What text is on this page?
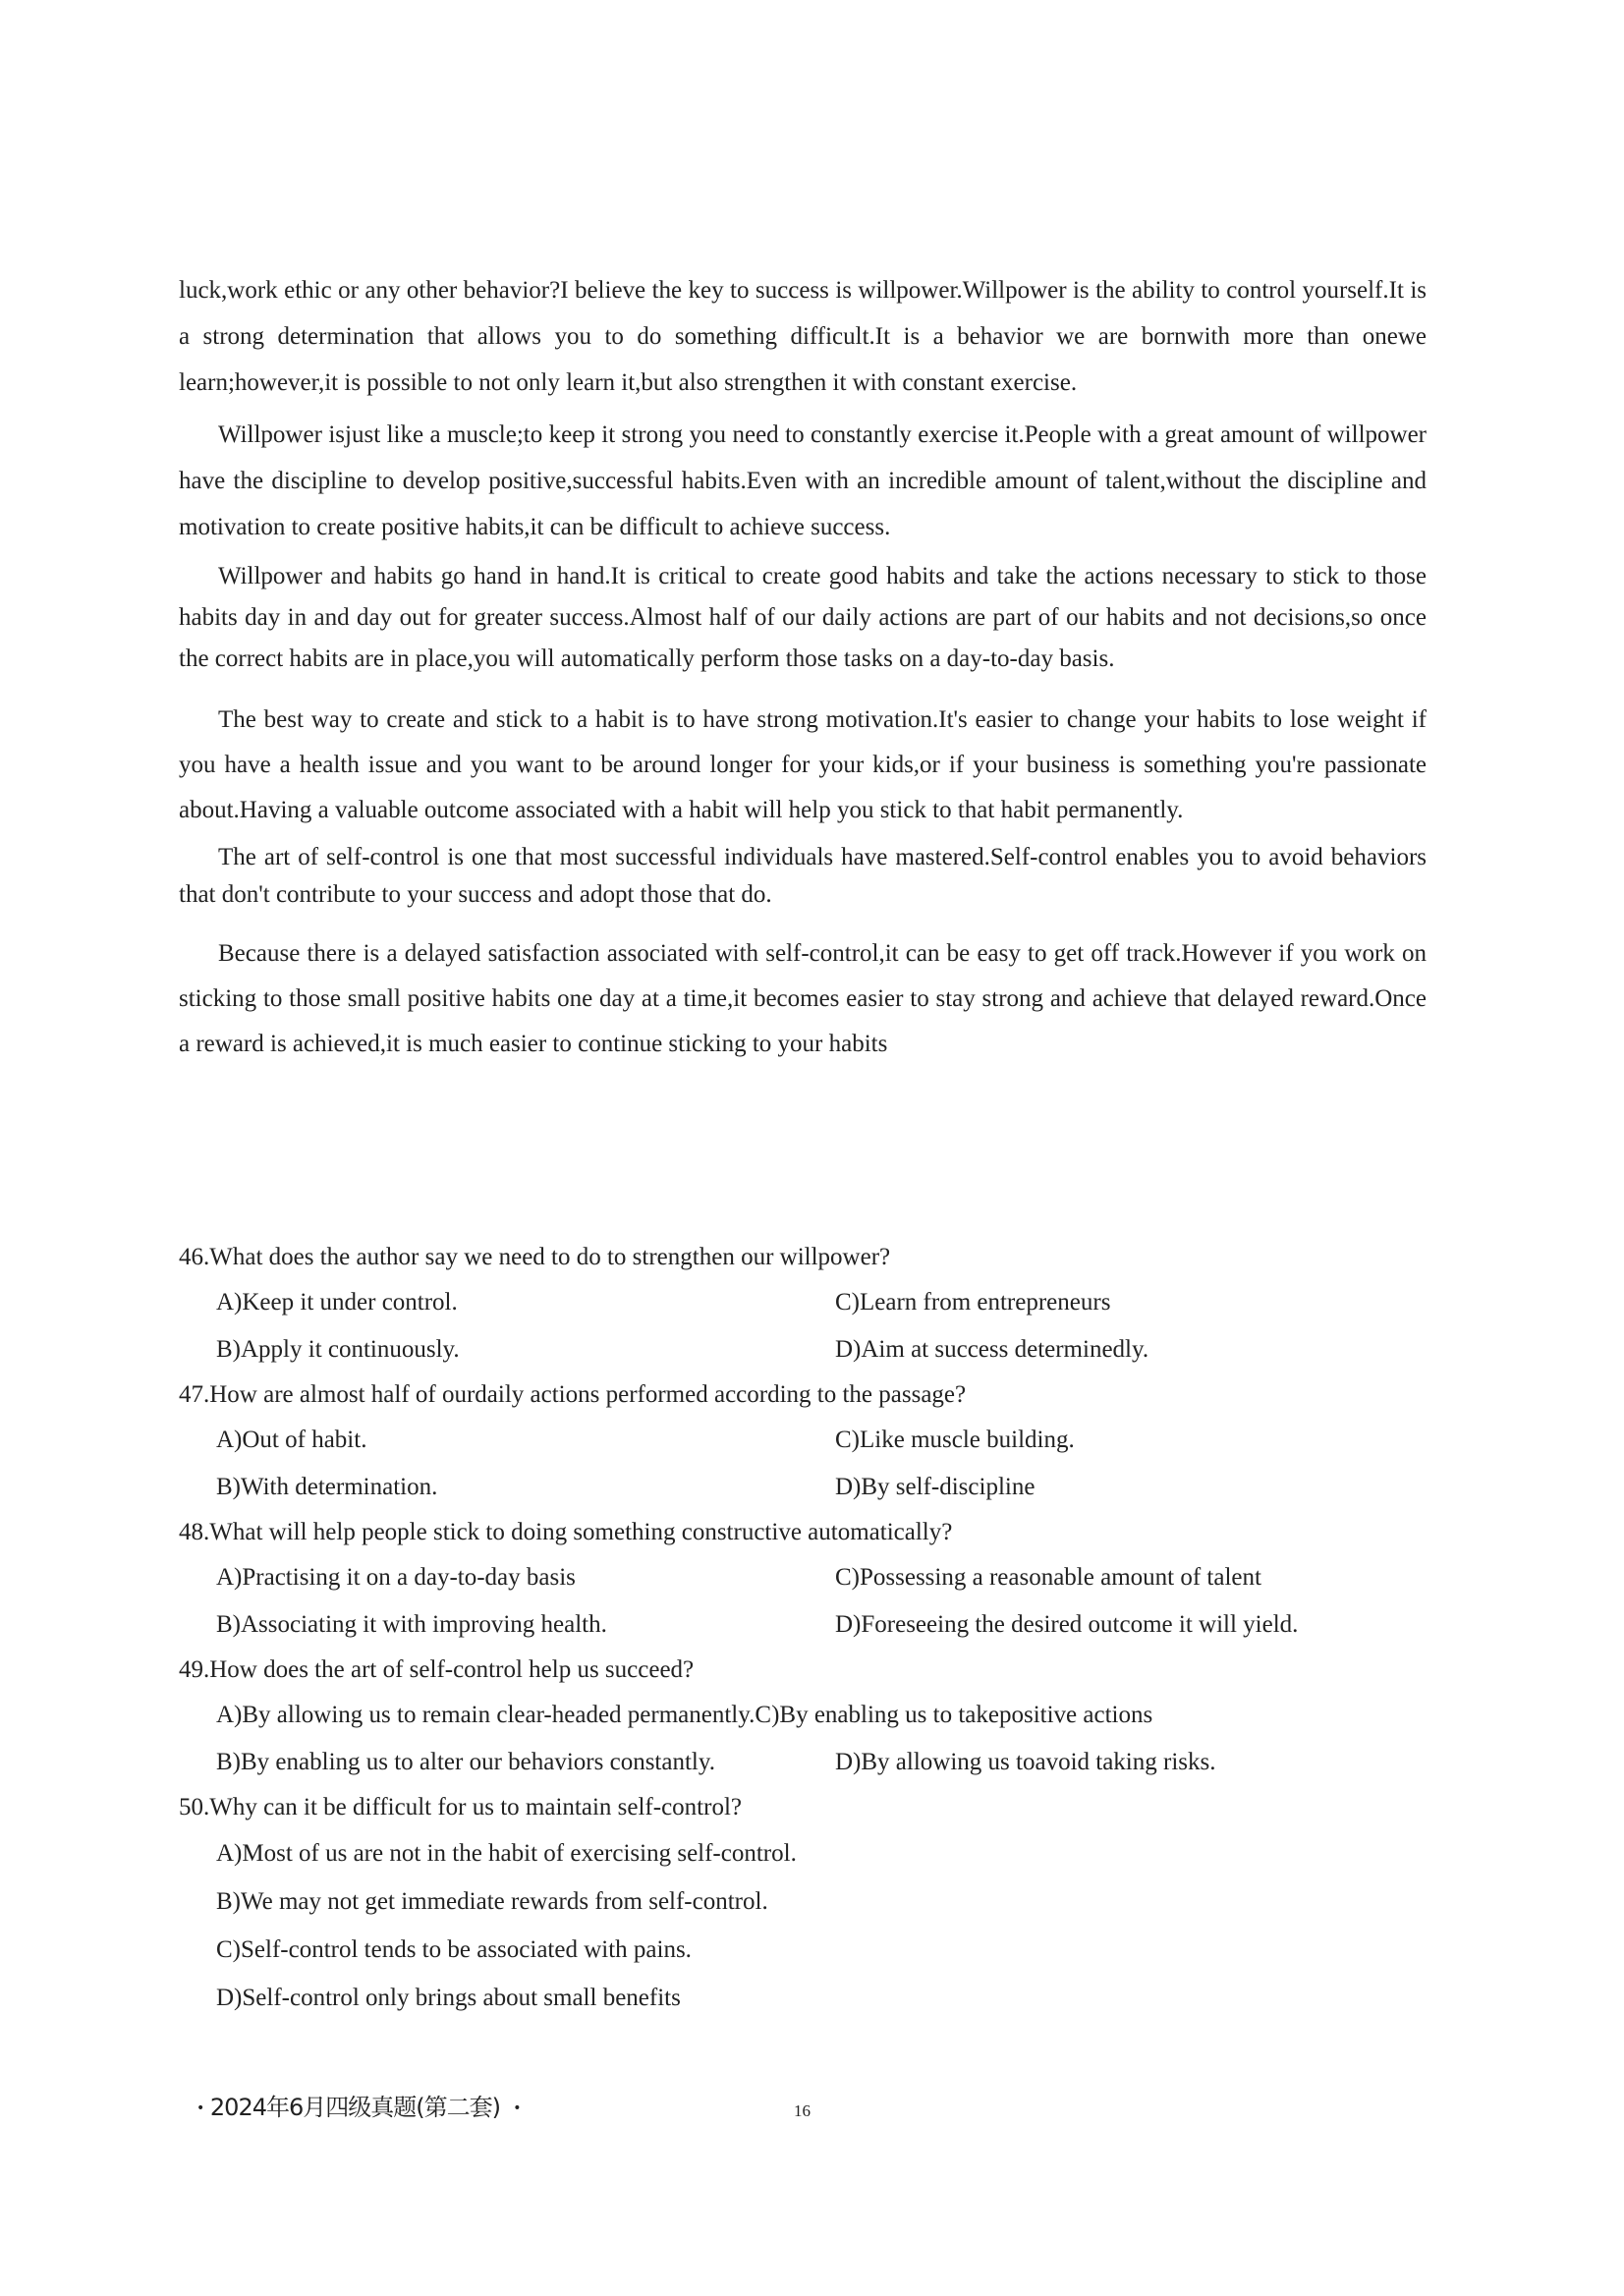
luck,work ethic or any other behavior?I believe the key to success is willpower.Willpower is the ability to control yourself.It is a strong determination that allows you to do something difficult.It is a behavior we are bornwith more than onewe learn;however,it is possible to not only learn it,but also strengthen it with constant exercise.

Willpower isjust like a muscle;to keep it strong you need to constantly exercise it.People with a great amount of willpower have the discipline to develop positive,successful habits.Even with an incredible amount of talent,without the discipline and motivation to create positive habits,it can be difficult to achieve success.

Willpower and habits go hand in hand.It is critical to create good habits and take the actions necessary to stick to those habits day in and day out for greater success.Almost half of our daily actions are part of our habits and not decisions,so once the correct habits are in place,you will automatically perform those tasks on a day-to-day basis.

The best way to create and stick to a habit is to have strong motivation.It's easier to change your habits to lose weight if you have a health issue and you want to be around longer for your kids,or if your business is something you're passionate about.Having a valuable outcome associated with a habit will help you stick to that habit permanently.

The art of self-control is one that most successful individuals have mastered.Self-control enables you to avoid behaviors that don't contribute to your success and adopt those that do.

Because there is a delayed satisfaction associated with self-control,it can be easy to get off track.However if you work on sticking to those small positive habits one day at a time,it becomes easier to stay strong and achieve that delayed reward.Once a reward is achieved,it is much easier to continue sticking to your habits

46.What does the author say we need to do to strengthen our willpower?
A)Keep it under control.	C)Learn from entrepreneurs
B)Apply it continuously.	D)Aim at success determinedly.
47.How are almost half of ourdaily actions performed according to the passage?
A)Out of habit.	C)Like muscle building.
B)With determination.	D)By self-discipline
48.What will help people stick to doing something constructive automatically?
A)Practising it on a day-to-day basis	C)Possessing a reasonable amount of talent
B)Associating it with improving health.	D)Foreseeing the desired outcome it will yield.
49.How does the art of self-control help us succeed?
A)By allowing us to remain clear-headed permanently. C)By enabling us to takepositive actions
B)By enabling us to alter our behaviors constantly.	D)By allowing us toavoid taking risks.
50.Why can it be difficult for us to maintain self-control?
A)Most of us are not in the habit of exercising self-control.
B)We may not get immediate rewards from self-control.
C)Self-control tends to be associated with pains.
D)Self-control only brings about small benefits
• 2024年6月四级真题(第二套) •	16
